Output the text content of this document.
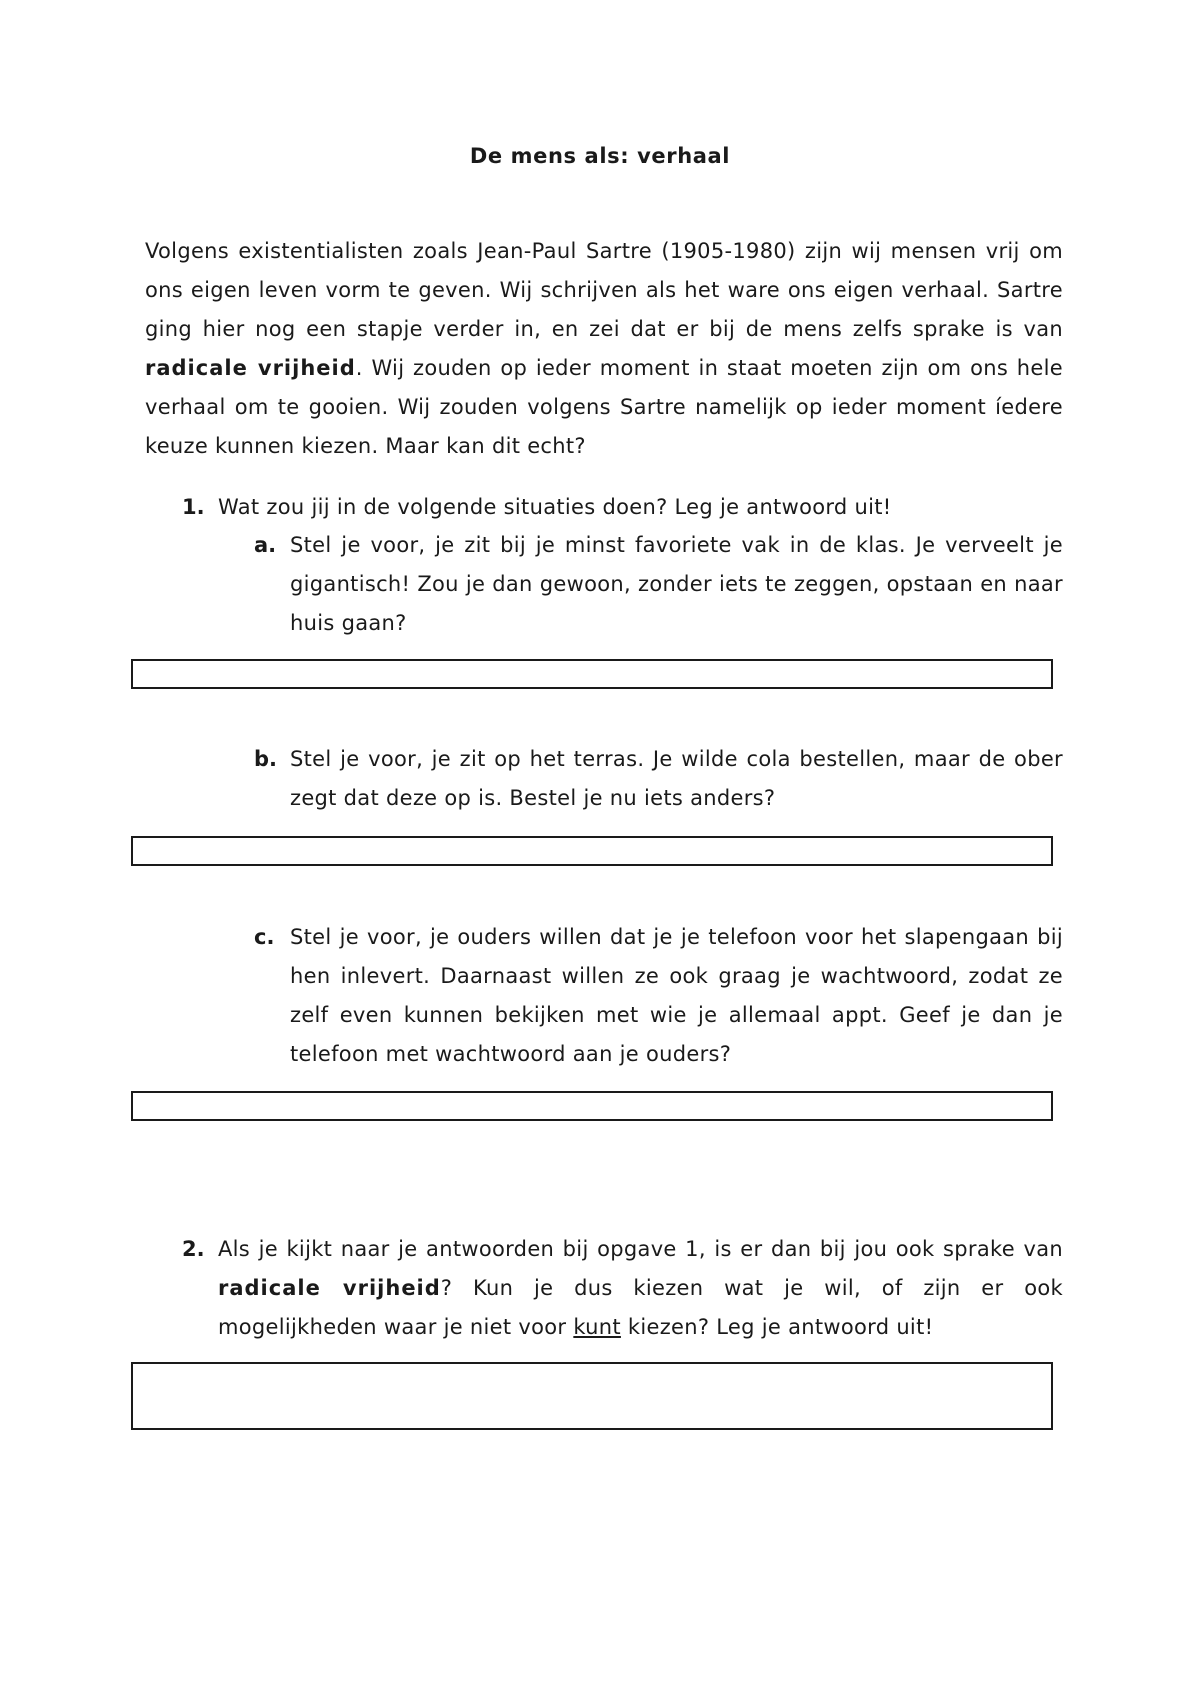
De mens als: verhaal
Volgens existentialisten zoals Jean-Paul Sartre (1905-1980) zijn wij mensen vrij om ons eigen leven vorm te geven. Wij schrijven als het ware ons eigen verhaal. Sartre ging hier nog een stapje verder in, en zei dat er bij de mens zelfs sprake is van radicale vrijheid. Wij zouden op ieder moment in staat moeten zijn om ons hele verhaal om te gooien. Wij zouden volgens Sartre namelijk op ieder moment íedere keuze kunnen kiezen. Maar kan dit echt?
1. Wat zou jij in de volgende situaties doen? Leg je antwoord uit!
a. Stel je voor, je zit bij je minst favoriete vak in de klas. Je verveelt je gigantisch! Zou je dan gewoon, zonder iets te zeggen, opstaan en naar huis gaan?
b. Stel je voor, je zit op het terras. Je wilde cola bestellen, maar de ober zegt dat deze op is. Bestel je nu iets anders?
c. Stel je voor, je ouders willen dat je je telefoon voor het slapengaan bij hen inlevert. Daarnaast willen ze ook graag je wachtwoord, zodat ze zelf even kunnen bekijken met wie je allemaal appt. Geef je dan je telefoon met wachtwoord aan je ouders?
2. Als je kijkt naar je antwoorden bij opgave 1, is er dan bij jou ook sprake van radicale vrijheid? Kun je dus kiezen wat je wil, of zijn er ook mogelijkheden waar je niet voor kunt kiezen? Leg je antwoord uit!
